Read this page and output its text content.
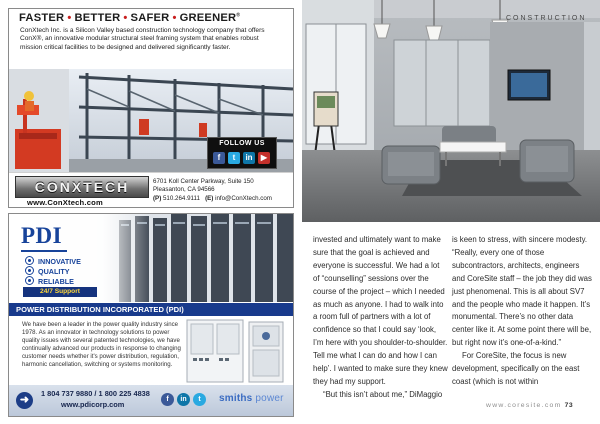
FASTER • BETTER • SAFER • GREENER®
ConXtech Inc. is a Silicon Valley based construction technology company that offers ConX®, an innovative modular structural steel framing system that enables robust mission critical facilities to be designed and delivered significantly faster.
FOLLOW US
f	t	in	▶
CONXTECH
www.ConXtech.com
6701 Koll Center Parkway, Suite 150
Pleasanton, CA 94566
(P) 510.264.9111 (E) info@ConXtech.com
PDI
INNOVATIVE
QUALITY
RELIABLE
24/7 Support
POWER DISTRIBUTION INCORPORATED (PDI)
We have been a leader in the power quality industry since 1978. As an innovator in technology solutions to power quality issues with several patented technologies, we have continually advanced our products in response to changing customer needs whether it's power distribution, regulation, harmonic cancellation, switching or systems monitoring.
➜
1 804 737 9880 / 1 800 225 4838
www.pdicorp.com
f	in	t	smiths power
CONSTRUCTION

invested and ultimately want to make sure that the goal is achieved and everyone is successful. We had a lot of “counselling” sessions over the course of the project – which I needed as much as anyone. I had to walk into a room full of partners with a lot of confidence so that I could say ‘look, I’m here with you shoulder-to-shoulder. Tell me what I can do and how I can help’. I wanted to make sure they knew they had my support.

“But this isn’t about me,” DiMaggio

is keen to stress, with sincere modesty. “Really, every one of those subcontractors, architects, engineers and CoreSite staff – the job they did was just phenomenal. This is all about SV7 and the people who made it happen. It’s monumental. There’s no other data center like it. At some point there will be, but right now it’s one-of-a-kind.”

For CoreSite, the focus is new development, specifically on the east coast (which is not within

www.coresite.com 73
